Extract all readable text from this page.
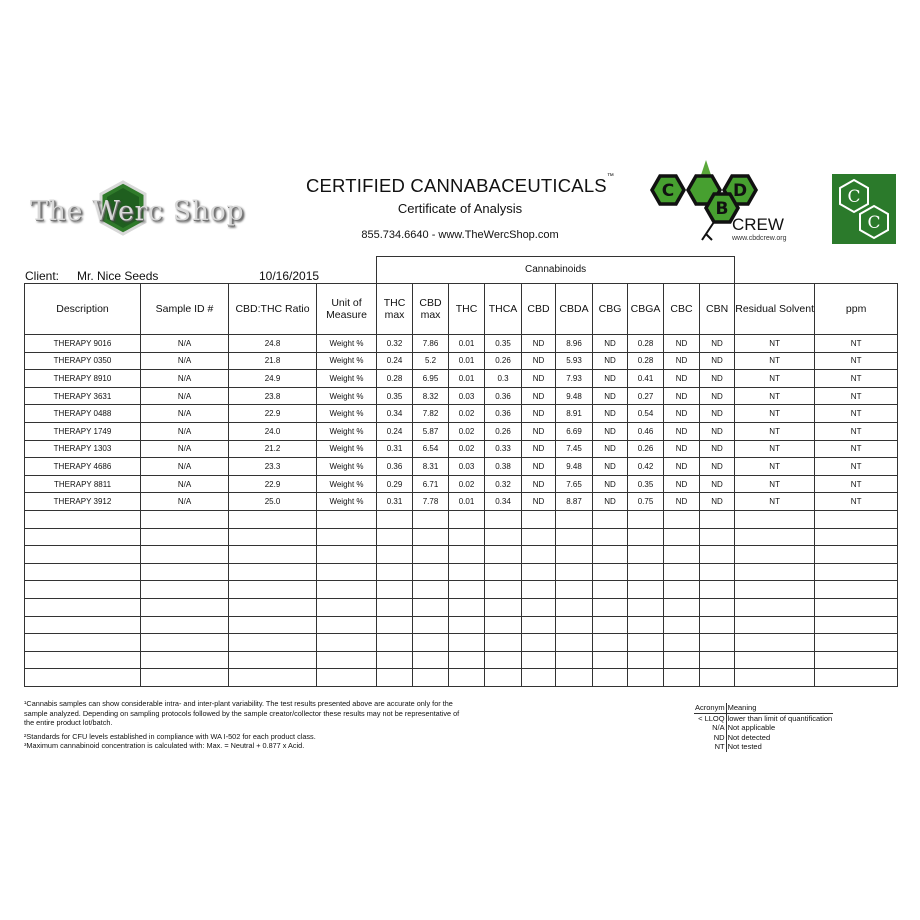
The Werc Shop
CERTIFIED CANNABACEUTICALS™
Certificate of Analysis
855.734.6640 - www.TheWercShop.com
C
B
D
CREW
www.cbdcrew.org
C
C
Client: Mr. Nice Seeds	10/16/2015
				Cannabinoids											
Description	Sample ID #	CBD:THC Ratio	Unit of Measure	THC max	CBD max	THC	THCA	CBD	CBDA	CBG	CBGA	CBC	CBN	Residual Solvent	ppm
THERAPY 9016	N/A	24.8	Weight %	0.32	7.86	0.01	0.35	ND	8.96	ND	0.28	ND	ND	NT	NT
THERAPY 0350	N/A	21.8	Weight %	0.24	5.2	0.01	0.26	ND	5.93	ND	0.28	ND	ND	NT	NT
THERAPY 8910	N/A	24.9	Weight %	0.28	6.95	0.01	0.3	ND	7.93	ND	0.41	ND	ND	NT	NT
THERAPY 3631	N/A	23.8	Weight %	0.35	8.32	0.03	0.36	ND	9.48	ND	0.27	ND	ND	NT	NT
THERAPY 0488	N/A	22.9	Weight %	0.34	7.82	0.02	0.36	ND	8.91	ND	0.54	ND	ND	NT	NT
THERAPY 1749	N/A	24.0	Weight %	0.24	5.87	0.02	0.26	ND	6.69	ND	0.46	ND	ND	NT	NT
THERAPY 1303	N/A	21.2	Weight %	0.31	6.54	0.02	0.33	ND	7.45	ND	0.26	ND	ND	NT	NT
THERAPY 4686	N/A	23.3	Weight %	0.36	8.31	0.03	0.38	ND	9.48	ND	0.42	ND	ND	NT	NT
THERAPY 8811	N/A	22.9	Weight %	0.29	6.71	0.02	0.32	ND	7.65	ND	0.35	ND	ND	NT	NT
THERAPY 3912	N/A	25.0	Weight %	0.31	7.78	0.01	0.34	ND	8.87	ND	0.75	ND	ND	NT	NT

¹Cannabis samples can show considerable intra- and inter-plant variability. The test results presented above are accurate only for the sample analyzed. Depending on sampling protocols followed by the sample creator/collector these results may not be representative of the entire product lot/batch.

²Standards for CFU levels established in compliance with WA I-502 for each product class.

³Maximum cannabinoid concentration is calculated with: Max. = Neutral + 0.877 x Acid.

Acronym	Meaning
< LLOQ	lower than limit of quantification
N/A	Not applicable
ND	Not detected
NT	Not tested
